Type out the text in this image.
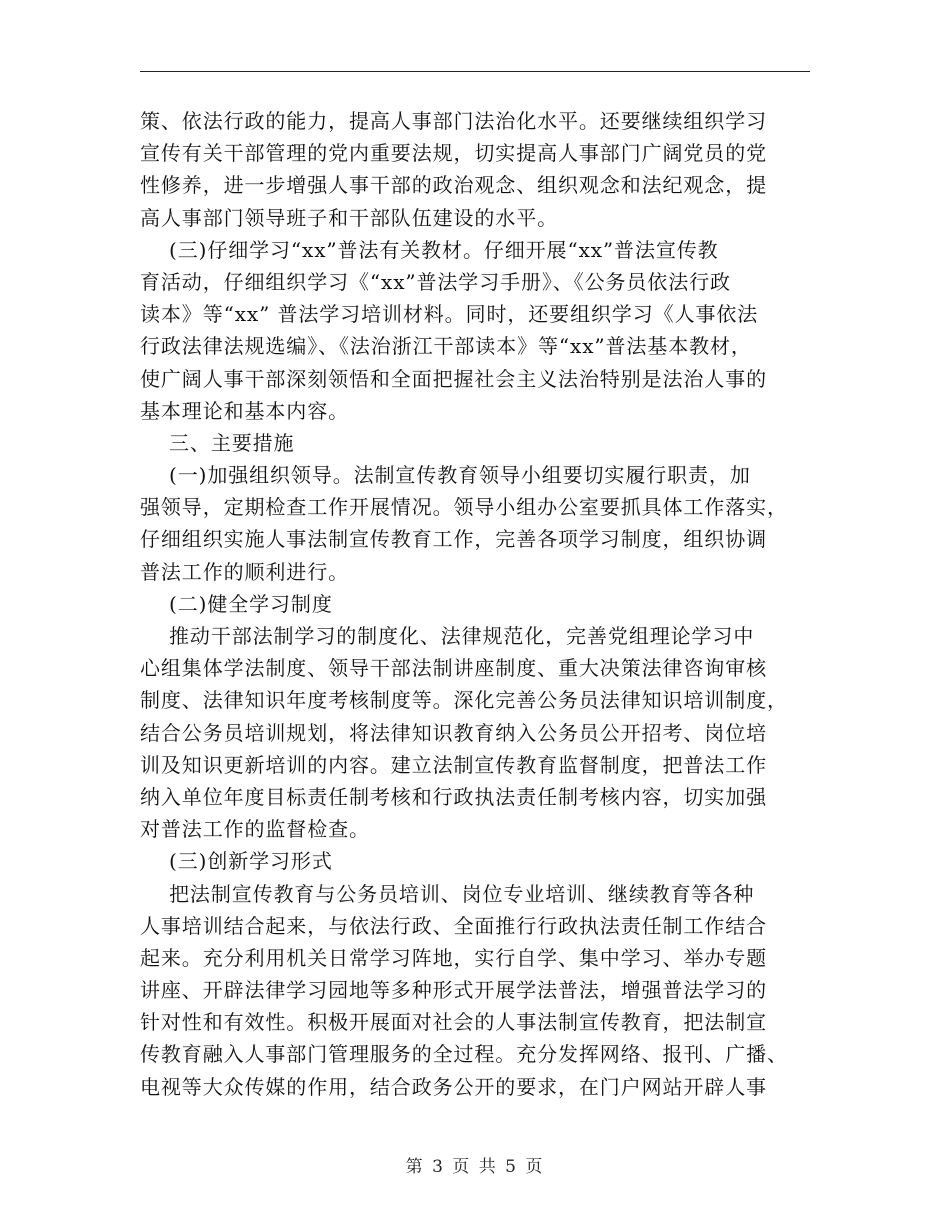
策、依法行政的能力，提高人事部门法治化水平。还要继续组织学习
宣传有关干部管理的党内重要法规，切实提高人事部门广阔党员的党
性修养，进一步增强人事干部的政治观念、组织观念和法纪观念，提
高人事部门领导班子和干部队伍建设的水平。
(三)仔细学习“xx”普法有关教材。仔细开展“xx”普法宣传教
育活动，仔细组织学习《“xx”普法学习手册》、《公务员依法行政
读本》等“xx” 普法学习培训材料。同时，还要组织学习《人事依法
行政法律法规选编》、《法治浙江干部读本》等“xx”普法基本教材，
使广阔人事干部深刻领悟和全面把握社会主义法治特别是法治人事的
基本理论和基本内容。
三、主要措施
(一)加强组织领导。法制宣传教育领导小组要切实履行职责，加
强领导，定期检查工作开展情况。领导小组办公室要抓具体工作落实，
仔细组织实施人事法制宣传教育工作，完善各项学习制度，组织协调
普法工作的顺利进行。
(二)健全学习制度
推动干部法制学习的制度化、法律规范化，完善党组理论学习中
心组集体学法制度、领导干部法制讲座制度、重大决策法律咨询审核
制度、法律知识年度考核制度等。深化完善公务员法律知识培训制度，
结合公务员培训规划，将法律知识教育纳入公务员公开招考、岗位培
训及知识更新培训的内容。建立法制宣传教育监督制度，把普法工作
纳入单位年度目标责任制考核和行政执法责任制考核内容，切实加强
对普法工作的监督检查。
(三)创新学习形式
把法制宣传教育与公务员培训、岗位专业培训、继续教育等各种
人事培训结合起来，与依法行政、全面推行行政执法责任制工作结合
起来。充分利用机关日常学习阵地，实行自学、集中学习、举办专题
讲座、开辟法律学习园地等多种形式开展学法普法，增强普法学习的
针对性和有效性。积极开展面对社会的人事法制宣传教育，把法制宣
传教育融入人事部门管理服务的全过程。充分发挥网络、报刊、广播、
电视等大众传媒的作用，结合政务公开的要求，在门户网站开辟人事
第 3 页 共 5 页
